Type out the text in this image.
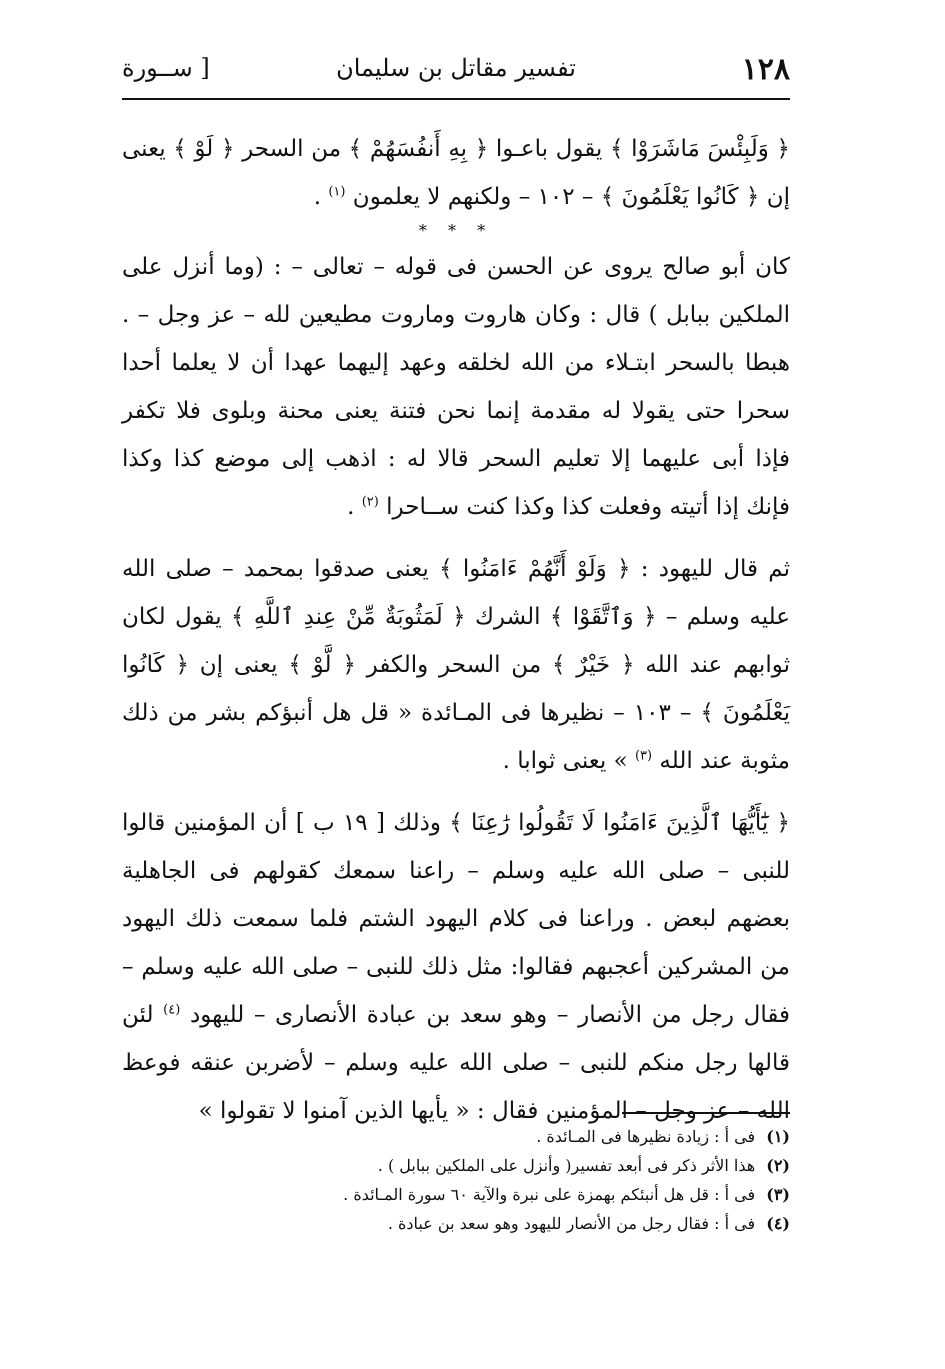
١٢٨
تفسير مقاتل بن سليمان
[ ســورة

﴿ وَلَبِئْسَ مَاشَرَوْا ﴾ يقول باعـوا ﴿ بِهِ أَنفُسَهُمْ ﴾ من السحر ﴿ لَوْ ﴾ يعنى إن ﴿ كَانُوا يَعْلَمُونَ ﴾ – ١٠٢ – ولكنهم لا يعلمون $^{(١)}$ .

* * *

كان أبو صالح يروى عن الحسن فى قوله – تعالى – : (وما أنزل على الملكين ببابل ) قال : وكان هاروت وماروت مطيعين لله – عز وجل – . هبطا بالسحر ابتـلاء من الله لخلقه وعهد إليهما عهدا أن لا يعلما أحدا سحرا حتى يقولا له مقدمة إنما نحن فتنة يعنى محنة وبلوى فلا تكفر فإذا أبى عليهما إلا تعليم السحر قالا له : اذهب إلى موضع كذا وكذا فإنك إذا أتيته وفعلت كذا وكذا كنت ســاحرا $^{(٢)}$ .

ثم قال لليهود : ﴿ وَلَوْ أَنَّهُمْ ءَامَنُوا ﴾ يعنى صدقوا بمحمد – صلى الله عليه وسلم – ﴿ وَٱتَّقَوْا ﴾ الشرك ﴿ لَمَثُوبَةٌ مِّنْ عِندِ ٱللَّهِ ﴾ يقول لكان ثوابهم عند الله ﴿ خَيْرٌ ﴾ من السحر والكفر ﴿ لَّوْ ﴾ يعنى إن ﴿ كَانُوا يَعْلَمُونَ ﴾ – ١٠٣ – نظيرها فى المـائدة « قل هل أنبؤكم بشر من ذلك مثوبة عند الله $^{(٣)}$ » يعنى ثوابا .

﴿ يَٰٓأَيُّهَا ٱلَّذِينَ ءَامَنُوا لَا تَقُولُوا رَٰعِنَا ﴾ وذلك [ ١٩ ب ] أن المؤمنين قالوا للنبى – صلى الله عليه وسلم – راعنا سمعك كقولهم فى الجاهلية بعضهم لبعض . وراعنا فى كلام اليهود الشتم فلما سمعت ذلك اليهود من المشركين أعجبهم فقالوا: مثل ذلك للنبى – صلى الله عليه وسلم – فقال رجل من الأنصار – وهو سعد بن عبادة الأنصارى – لليهود $^{(٤)}$ لئن قالها رجل منكم للنبى – صلى الله عليه وسلم – لأضربن عنقه فوعظ الله – عز وجل – المؤمنين فقال : « يأيها الذين آمنوا لا تقولوا »

(١) فى أ : زيادة نظيرها فى المـائدة .
(٢) هذا الأثر ذكر فى أبعد تفسير( وأنزل على الملكين ببابل ) .
(٣) فى أ : قل هل أنبئكم بهمزة على نبرة والآية ٦٠ سورة المـائدة .
(٤) فى أ : فقال رجل من الأنصار لليهود وهو سعد بن عبادة .
